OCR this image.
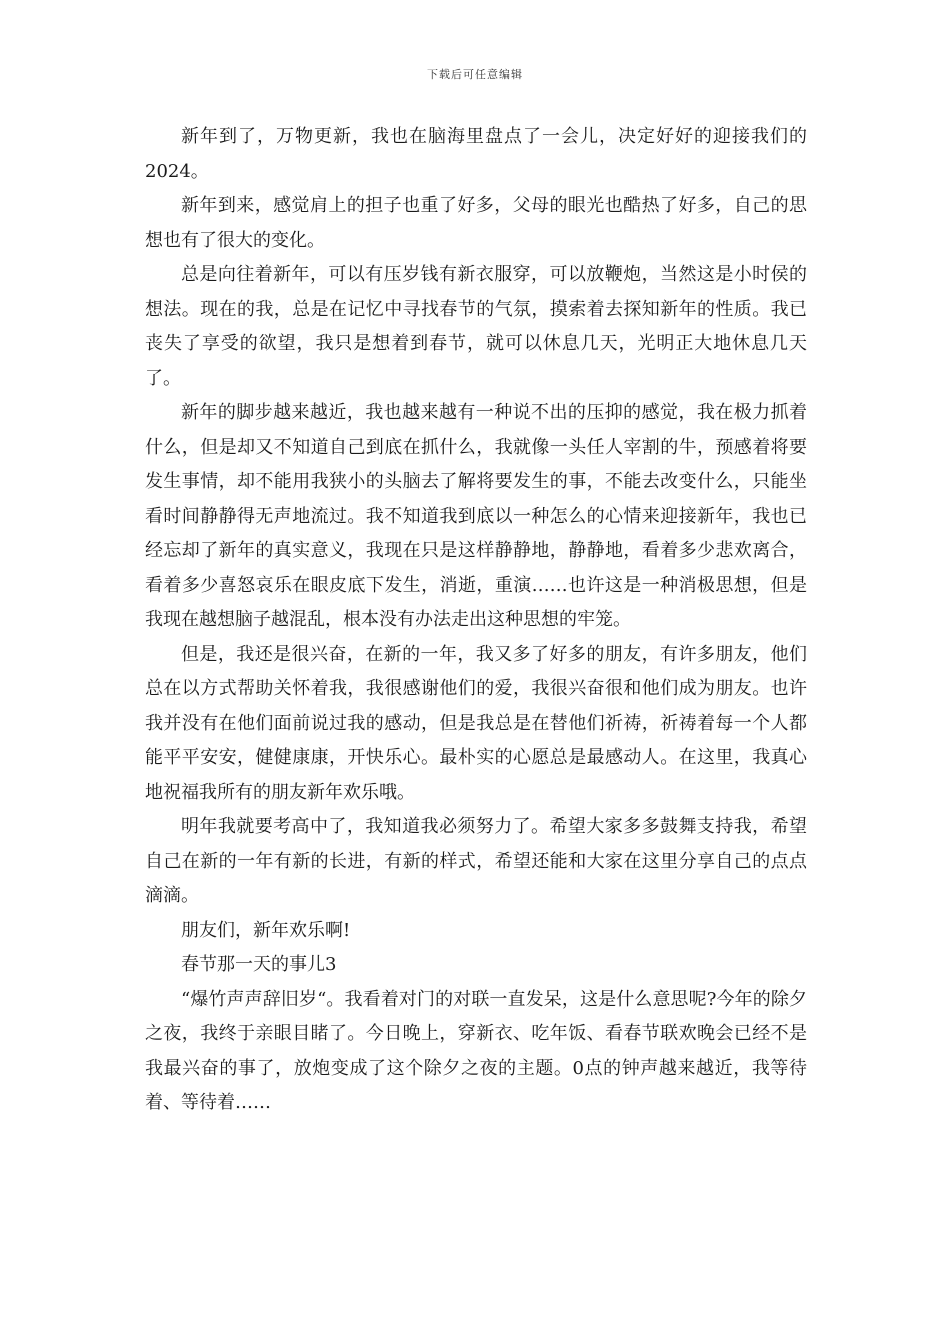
下载后可任意编辑

新年到了，万物更新，我也在脑海里盘点了一会儿，决定好好的迎接我们的2024。

新年到来，感觉肩上的担子也重了好多，父母的眼光也酷热了好多，自己的思想也有了很大的变化。

总是向往着新年，可以有压岁钱有新衣服穿，可以放鞭炮，当然这是小时侯的想法。现在的我，总是在记忆中寻找春节的气氛，摸索着去探知新年的性质。我已丧失了享受的欲望，我只是想着到春节，就可以休息几天，光明正大地休息几天了。

新年的脚步越来越近，我也越来越有一种说不出的压抑的感觉，我在极力抓着什么，但是却又不知道自己到底在抓什么，我就像一头任人宰割的牛，预感着将要发生事情，却不能用我狭小的头脑去了解将要发生的事，不能去改变什么，只能坐看时间静静得无声地流过。我不知道我到底以一种怎么的心情来迎接新年，我也已经忘却了新年的真实意义，我现在只是这样静静地，静静地，看着多少悲欢离合，看着多少喜怒哀乐在眼皮底下发生，消逝，重演……也许这是一种消极思想，但是我现在越想脑子越混乱，根本没有办法走出这种思想的牢笼。

但是，我还是很兴奋，在新的一年，我又多了好多的朋友，有许多朋友，他们总在以方式帮助关怀着我，我很感谢他们的爱，我很兴奋很和他们成为朋友。也许我并没有在他们面前说过我的感动，但是我总是在替他们祈祷，祈祷着每一个人都能平平安安，健健康康，开快乐心。最朴实的心愿总是最感动人。在这里，我真心地祝福我所有的朋友新年欢乐哦。

明年我就要考高中了，我知道我必须努力了。希望大家多多鼓舞支持我，希望自己在新的一年有新的长进，有新的样式，希望还能和大家在这里分享自己的点点滴滴。

朋友们，新年欢乐啊!

春节那一天的事儿3

“爆竹声声辞旧岁“。我看着对门的对联一直发呆，这是什么意思呢?今年的除夕之夜，我终于亲眼目睹了。今日晚上，穿新衣、吃年饭、看春节联欢晚会已经不是我最兴奋的事了，放炮变成了这个除夕之夜的主题。0点的钟声越来越近，我等待着、等待着……
